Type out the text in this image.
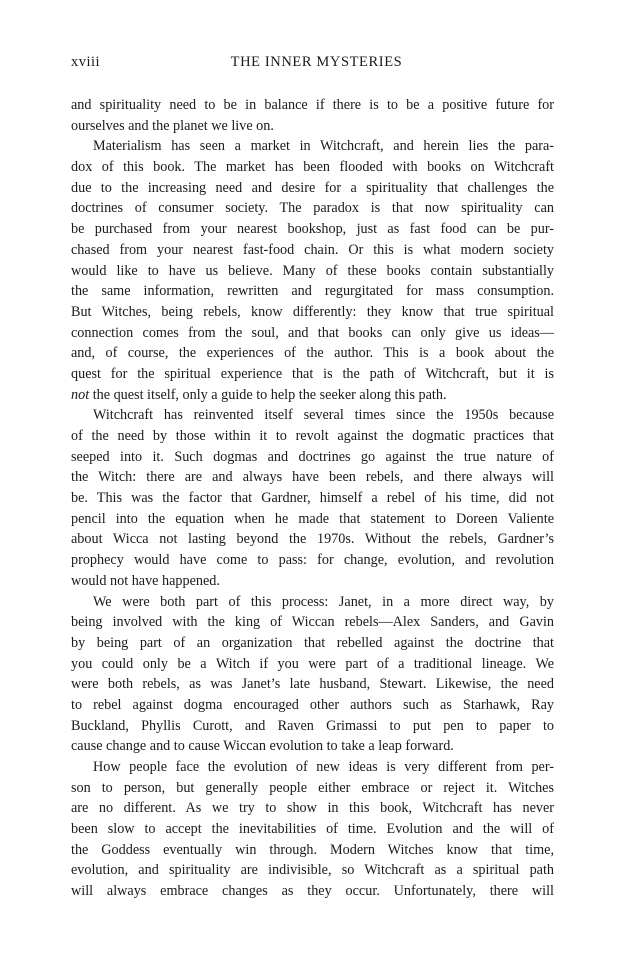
xviii	THE INNER MYSTERIES
and spirituality need to be in balance if there is to be a positive future for
ourselves and the planet we live on.
Materialism has seen a market in Witchcraft, and herein lies the para-
dox of this book. The market has been flooded with books on Witchcraft
due to the increasing need and desire for a spirituality that challenges the
doctrines of consumer society. The paradox is that now spirituality can
be purchased from your nearest bookshop, just as fast food can be pur-
chased from your nearest fast-food chain. Or this is what modern society
would like to have us believe. Many of these books contain substantially
the same information, rewritten and regurgitated for mass consumption.
But Witches, being rebels, know differently: they know that true spiritual
connection comes from the soul, and that books can only give us ideas—
and, of course, the experiences of the author. This is a book about the
quest for the spiritual experience that is the path of Witchcraft, but it is
not the quest itself, only a guide to help the seeker along this path.
Witchcraft has reinvented itself several times since the 1950s because
of the need by those within it to revolt against the dogmatic practices that
seeped into it. Such dogmas and doctrines go against the true nature of
the Witch: there are and always have been rebels, and there always will
be. This was the factor that Gardner, himself a rebel of his time, did not
pencil into the equation when he made that statement to Doreen Valiente
about Wicca not lasting beyond the 1970s. Without the rebels, Gardner’s
prophecy would have come to pass: for change, evolution, and revolution
would not have happened.
We were both part of this process: Janet, in a more direct way, by
being involved with the king of Wiccan rebels—Alex Sanders, and Gavin
by being part of an organization that rebelled against the doctrine that
you could only be a Witch if you were part of a traditional lineage. We
were both rebels, as was Janet’s late husband, Stewart. Likewise, the need
to rebel against dogma encouraged other authors such as Starhawk, Ray
Buckland, Phyllis Curott, and Raven Grimassi to put pen to paper to
cause change and to cause Wiccan evolution to take a leap forward.
How people face the evolution of new ideas is very different from per-
son to person, but generally people either embrace or reject it. Witches
are no different. As we try to show in this book, Witchcraft has never
been slow to accept the inevitabilities of time. Evolution and the will of
the Goddess eventually win through. Modern Witches know that time,
evolution, and spirituality are indivisible, so Witchcraft as a spiritual path
will always embrace changes as they occur. Unfortunately, there will
